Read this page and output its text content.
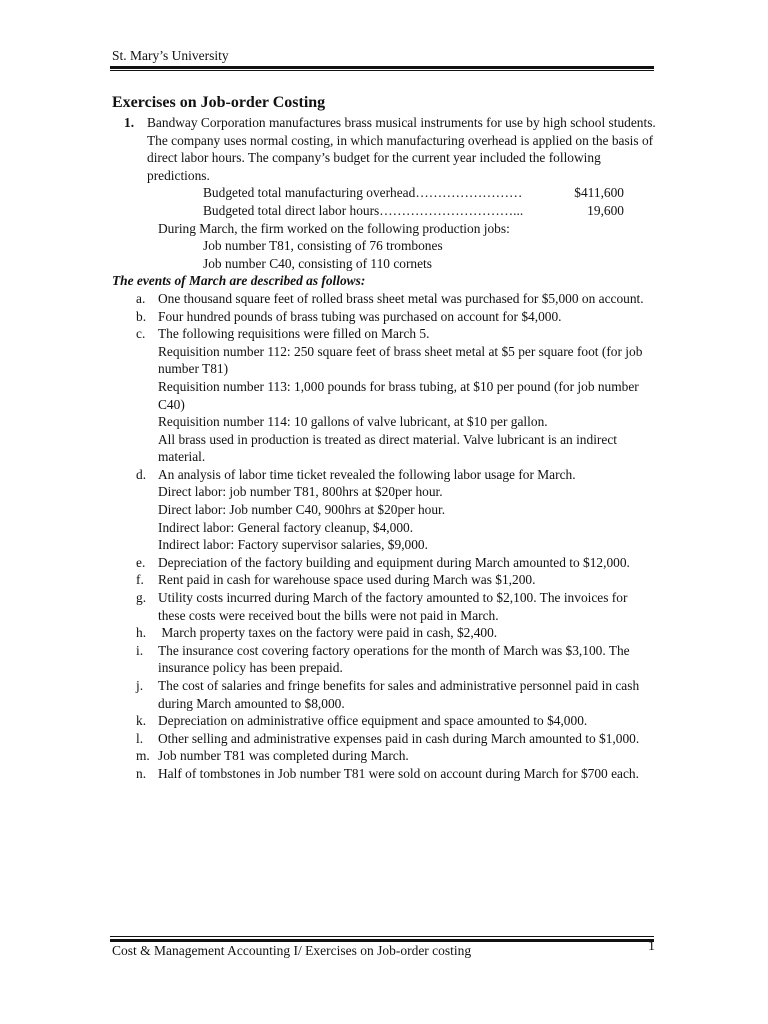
St. Mary’s University
Exercises on Job-order Costing
1. Bandway Corporation manufactures brass musical instruments for use by high school students. The company uses normal costing, in which manufacturing overhead is applied on the basis of direct labor hours. The company’s budget for the current year included the following predictions.
Budgeted total manufacturing overhead……………………	$411,600
Budgeted total direct labor hours…………………………...	19,600
During March, the firm worked on the following production jobs:
Job number T81, consisting of 76 trombones
Job number C40, consisting of 110 cornets
The events of March are described as follows:
a. One thousand square feet of rolled brass sheet metal was purchased for $5,000 on account.
b. Four hundred pounds of brass tubing was purchased on account for $4,000.
c. The following requisitions were filled on March 5.
Requisition number 112: 250 square feet of brass sheet metal at $5 per square foot (for job number T81)
Requisition number 113: 1,000 pounds for brass tubing, at $10 per pound (for job number C40)
Requisition number 114: 10 gallons of valve lubricant, at $10 per gallon.
All brass used in production is treated as direct material. Valve lubricant is an indirect material.
d. An analysis of labor time ticket revealed the following labor usage for March.
Direct labor: job number T81, 800hrs at $20per hour.
Direct labor: Job number C40, 900hrs at $20per hour.
Indirect labor: General factory cleanup, $4,000.
Indirect labor: Factory supervisor salaries, $9,000.
e. Depreciation of the factory building and equipment during March amounted to $12,000.
f. Rent paid in cash for warehouse space used during March was $1,200.
g. Utility costs incurred during March of the factory amounted to $2,100. The invoices for these costs were received bout the bills were not paid in March.
h. March property taxes on the factory were paid in cash, $2,400.
i. The insurance cost covering factory operations for the month of March was $3,100. The insurance policy has been prepaid.
j. The cost of salaries and fringe benefits for sales and administrative personnel paid in cash during March amounted to $8,000.
k. Depreciation on administrative office equipment and space amounted to $4,000.
l. Other selling and administrative expenses paid in cash during March amounted to $1,000.
m. Job number T81 was completed during March.
n. Half of tombstones in Job number T81 were sold on account during March for $700 each.
Cost & Management Accounting I/ Exercises on Job-order costing	1
